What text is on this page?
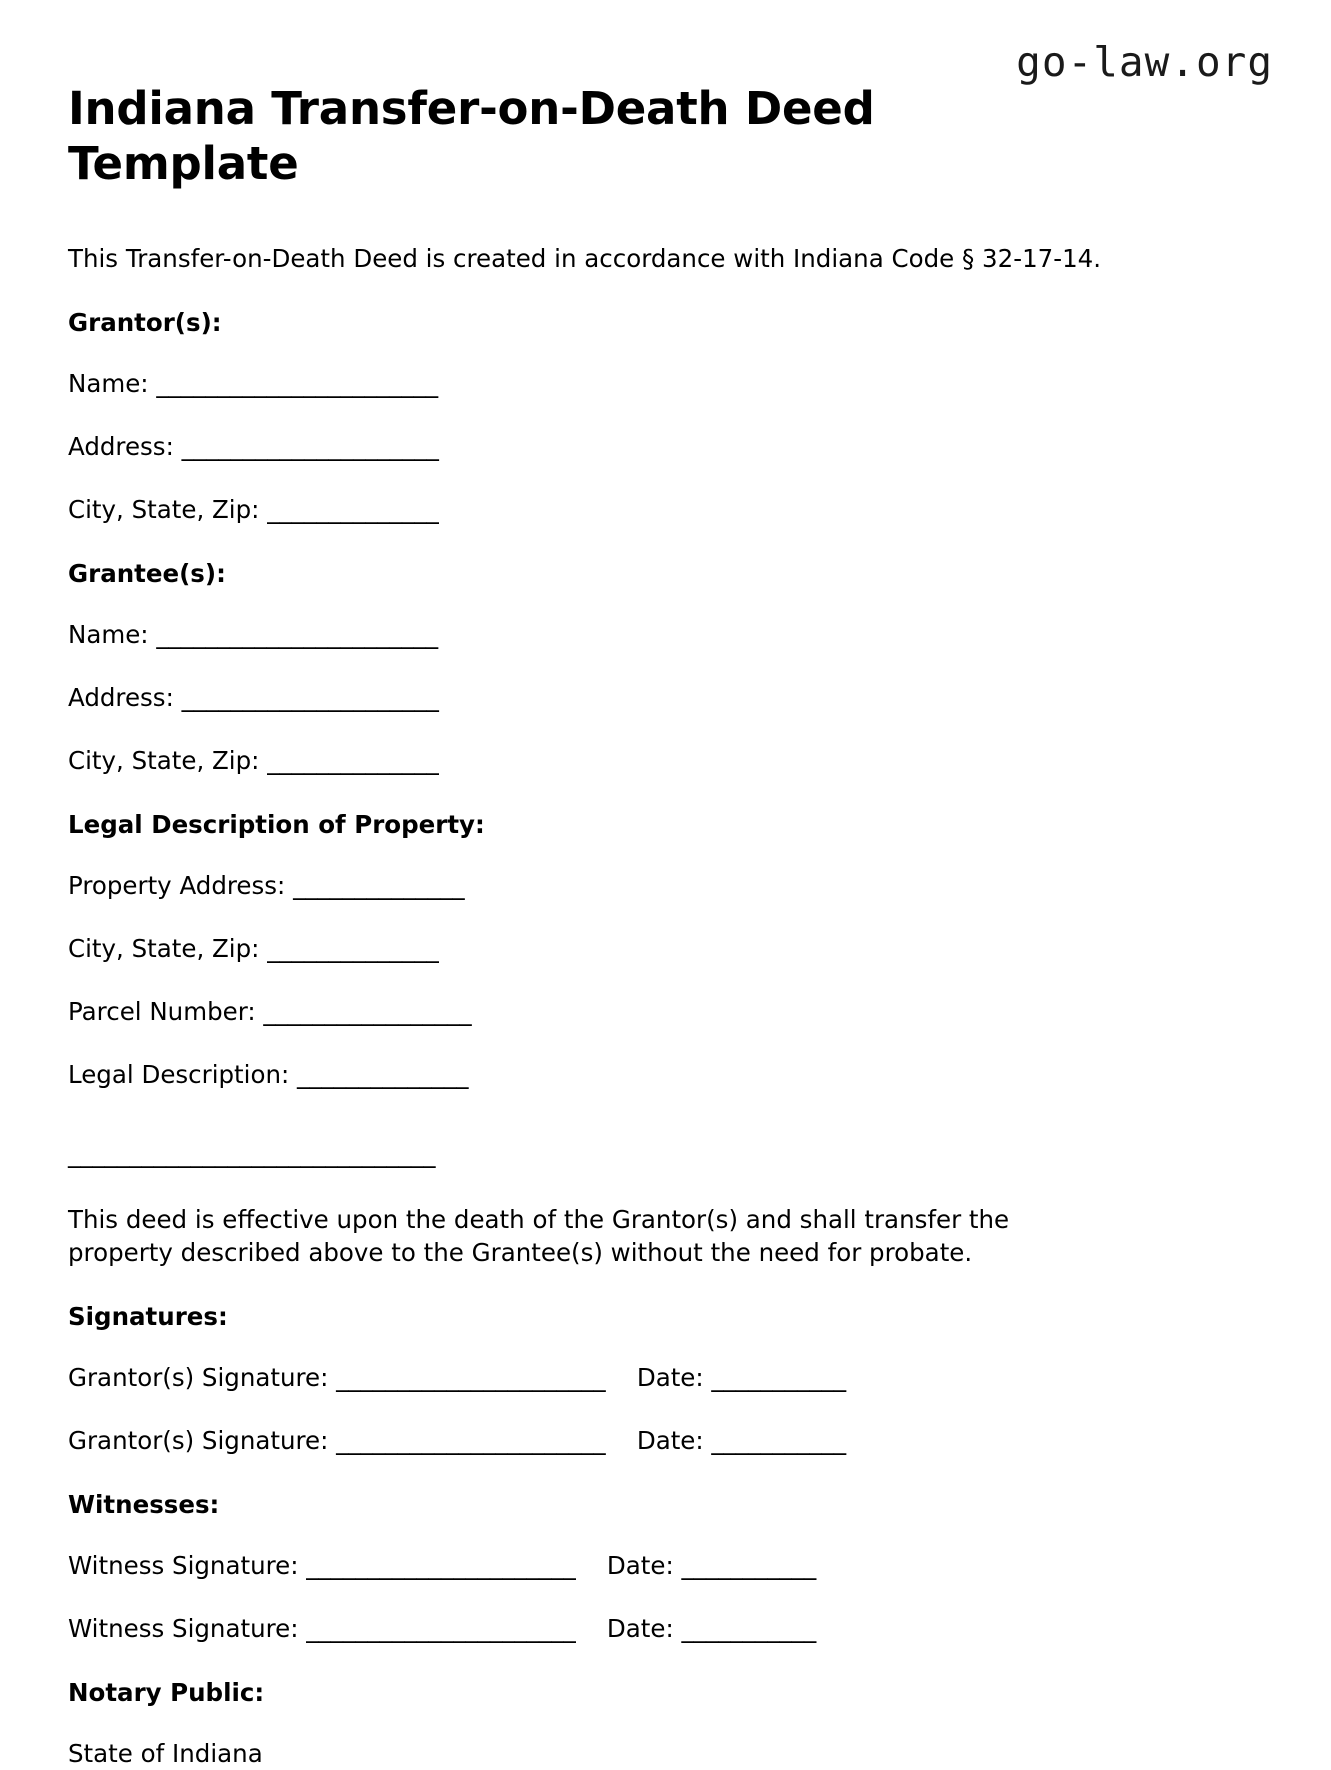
go-law.org
Indiana Transfer-on-Death Deed Template

This Transfer-on-Death Deed is created in accordance with Indiana Code § 32-17-14.

Grantor(s):

Name: _______________________

Address: _____________________

City, State, Zip: ______________

Grantee(s):

Name: _______________________

Address: _____________________

City, State, Zip: ______________

Legal Description of Property:

Property Address: ______________

City, State, Zip: ______________

Parcel Number: _________________

Legal Description: ______________

______________________________

This deed is effective upon the death of the Grantor(s) and shall transfer the property described above to the Grantee(s) without the need for probate.

Signatures:

Grantor(s) Signature: ______________________    Date: ___________

Grantor(s) Signature: ______________________    Date: ___________

Witnesses:

Witness Signature: ______________________    Date: ___________

Witness Signature: ______________________    Date: ___________

Notary Public:

State of Indiana
